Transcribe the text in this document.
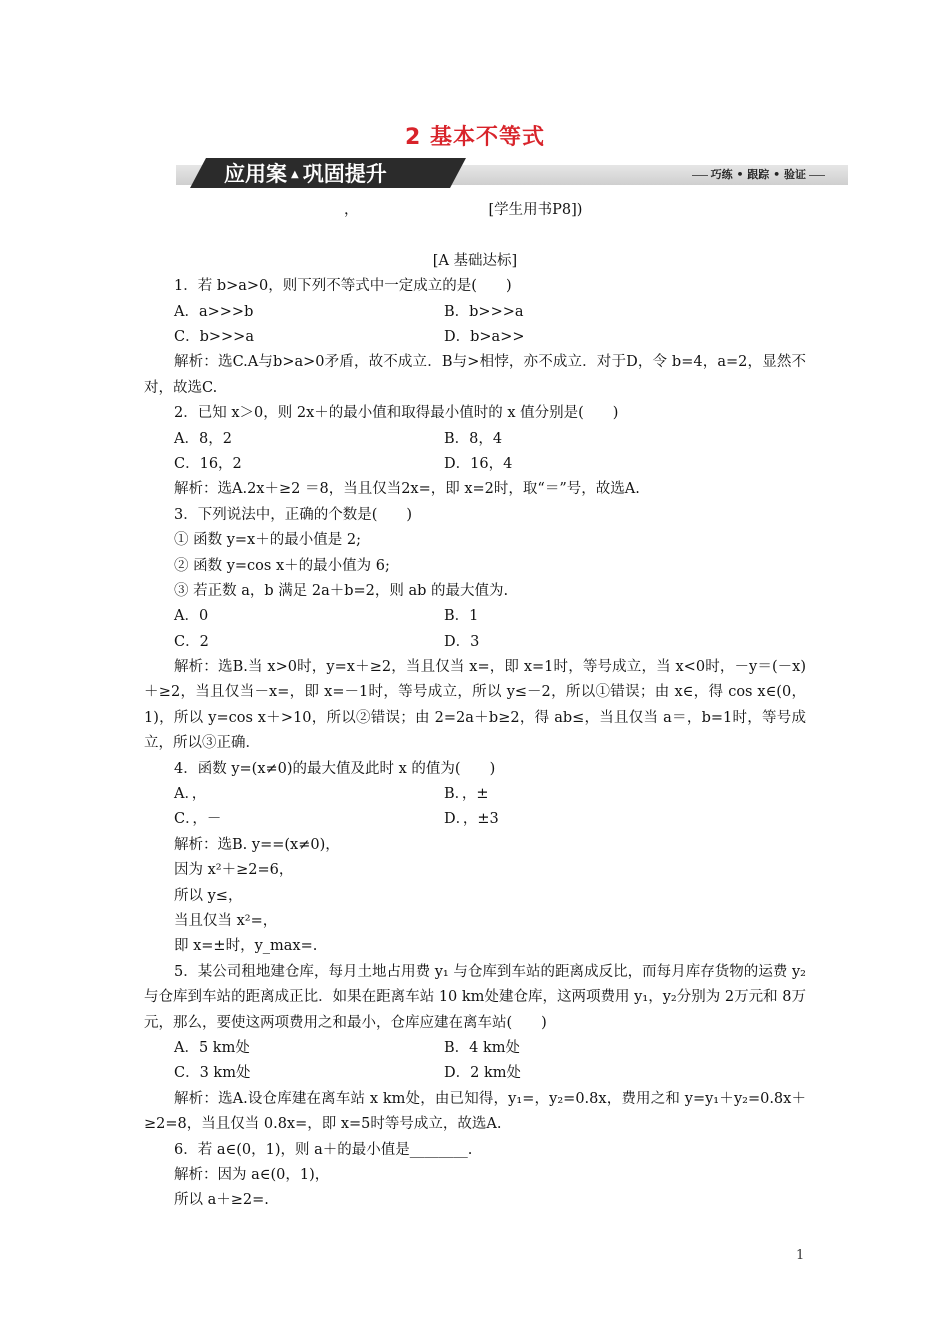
2 基本不等式
应用案 ▲ 巩固提升	巧练 • 跟踪 • 验证
，	[学生用书P8])
[A 基础达标]
1．若 b>a>0，则下列不等式中一定成立的是(　　)
A．a>>>b	B．b>>>a
C．b>>>a	D．b>a>>
解析：选C.A与b>a>0矛盾，故不成立．B与>相悖，亦不成立．对于D，令 b=4，a=2，显然不对，故选C.
2．已知 x＞0，则 2x＋的最小值和取得最小值时的 x 值分别是(　　)
A．8，2	B．8，4
C．16，2	D．16，4
解析：选A.2x＋≥2 ＝8，当且仅当2x=，即 x=2时，取“＝”号，故选A.
3．下列说法中，正确的个数是(　　)
① 函数 y=x＋的最小值是 2;
② 函数 y=cos x＋的最小值为 6;
③ 若正数 a，b 满足 2a＋b=2，则 ab 的最大值为.
A．0	B．1
C．2	D．3
解析：选B.当 x>0时，y=x＋≥2，当且仅当 x=，即 x=1时，等号成立，当 x<0时，－y＝(－x)＋≥2，当且仅当－x=，即 x=－1时，等号成立，所以 y≤－2，所以①错误；由 x∈，得 cos x∈(0，1)，所以 y=cos x＋>10，所以②错误；由 2=2a＋b≥2，得 ab≤，当且仅当 a＝，b=1时，等号成立，所以③正确．
4．函数 y=(x≠0)的最大值及此时 x 的值为(　　)
A．，	B．，±
C．，－	D．，±3
解析：选B. y==(x≠0)，
因为 x²＋≥2=6，
所以 y≤，
当且仅当 x²=，
即 x=±时，y_max=.
5．某公司租地建仓库，每月土地占用费 y₁ 与仓库到车站的距离成反比，而每月库存货物的运费 y₂ 与仓库到车站的距离成正比．如果在距离车站 10 km处建仓库，这两项费用 y₁，y₂分别为 2万元和 8万元，那么，要使这两项费用之和最小，仓库应建在离车站(　　)
A．5 km处	B．4 km处
C．3 km处	D．2 km处
解析：选A.设仓库建在离车站 x km处，由已知得，y₁=，y₂=0.8x，费用之和 y=y₁＋y₂=0.8x＋≥2=8，当且仅当 0.8x=，即 x=5时等号成立，故选A.
6．若 a∈(0，1)，则 a＋的最小值是________.
解析：因为 a∈(0，1)，
所以 a＋≥2=.
1
